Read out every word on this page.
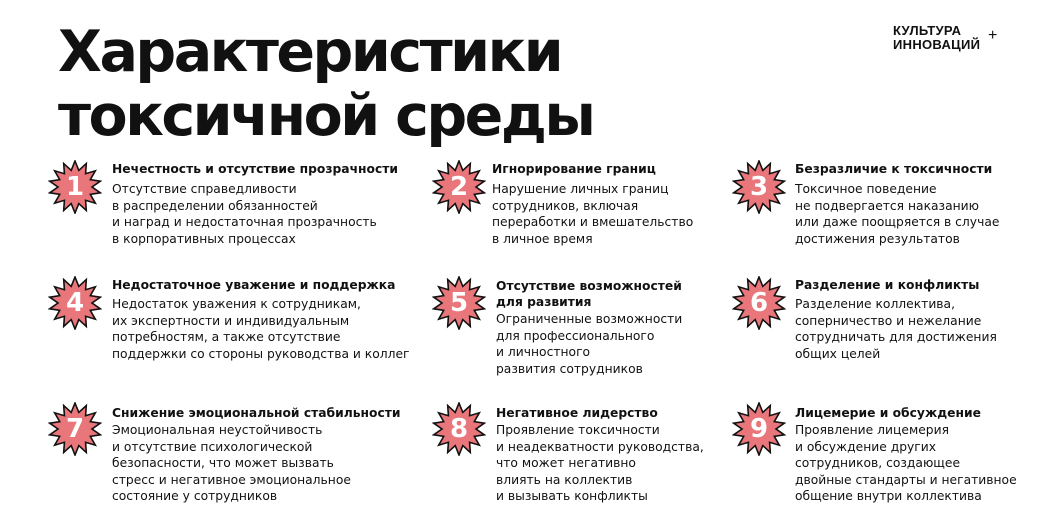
Характеристики
токсичной среды
КУЛЬТУРА
ИННОВАЦИЙ
+
1
Нечестность и отсутствие прозрачности
Отсутствие справедливости
в распределении обязанностей
и наград и недостаточная прозрачность
в корпоративных процессах
2
Игнорирование границ
Нарушение личных границ
сотрудников, включая
переработки и вмешательство
в личное время
3
Безразличие к токсичности
Токсичное поведение
не подвергается наказанию
или даже поощряется в случае
достижения результатов
4
Недостаточное уважение и поддержка
Недостаток уважения к сотрудникам,
их экспертности и индивидуальным
потребностям, а также отсутствие
поддержки со стороны руководства и коллег
5
Отсутствие возможностей
для развития
Ограниченные возможности
для профессионального
и личностного
развития сотрудников
6
Разделение и конфликты
Разделение коллектива,
соперничество и нежелание
сотрудничать для достижения
общих целей
7
Снижение эмоциональной стабильности
Эмоциональная неустойчивость
и отсутствие психологической
безопасности, что может вызвать
стресс и негативное эмоциональное
состояние у сотрудников
8
Негативное лидерство
Проявление токсичности
и неадекватности руководства,
что может негативно
влиять на коллектив
и вызывать конфликты
9
Лицемерие и обсуждение
Проявление лицемерия
и обсуждение других
сотрудников, создающее
двойные стандарты и негативное
общение внутри коллектива
